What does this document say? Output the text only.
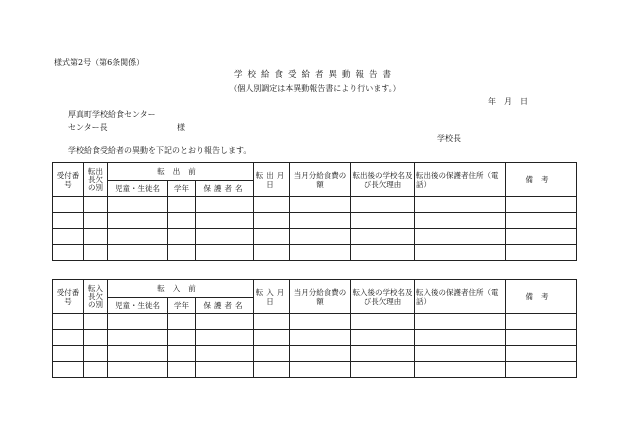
様式第2号（第6条関係）
学校給食受給者異動報告書
（個人別調定は本異動報告書により行います。）
年　月　日
厚真町学校給食センター
センター長	様
学校長
学校給食受給者の異動を下記のとおり報告します。
受付番号	転出長欠の別	転出前			転出月日	当月分給食費の額	転出後の学校名及び長欠理由	転出後の保護者住所（電話）	備考
		児童・生徒名	学年	保護者名					

受付番号	転入長欠の別	転入前			転入月日	当月分給食費の額	転入後の学校名及び長欠理由	転入後の保護者住所（電話）	備考
		児童・生徒名	学年	保護者名					
